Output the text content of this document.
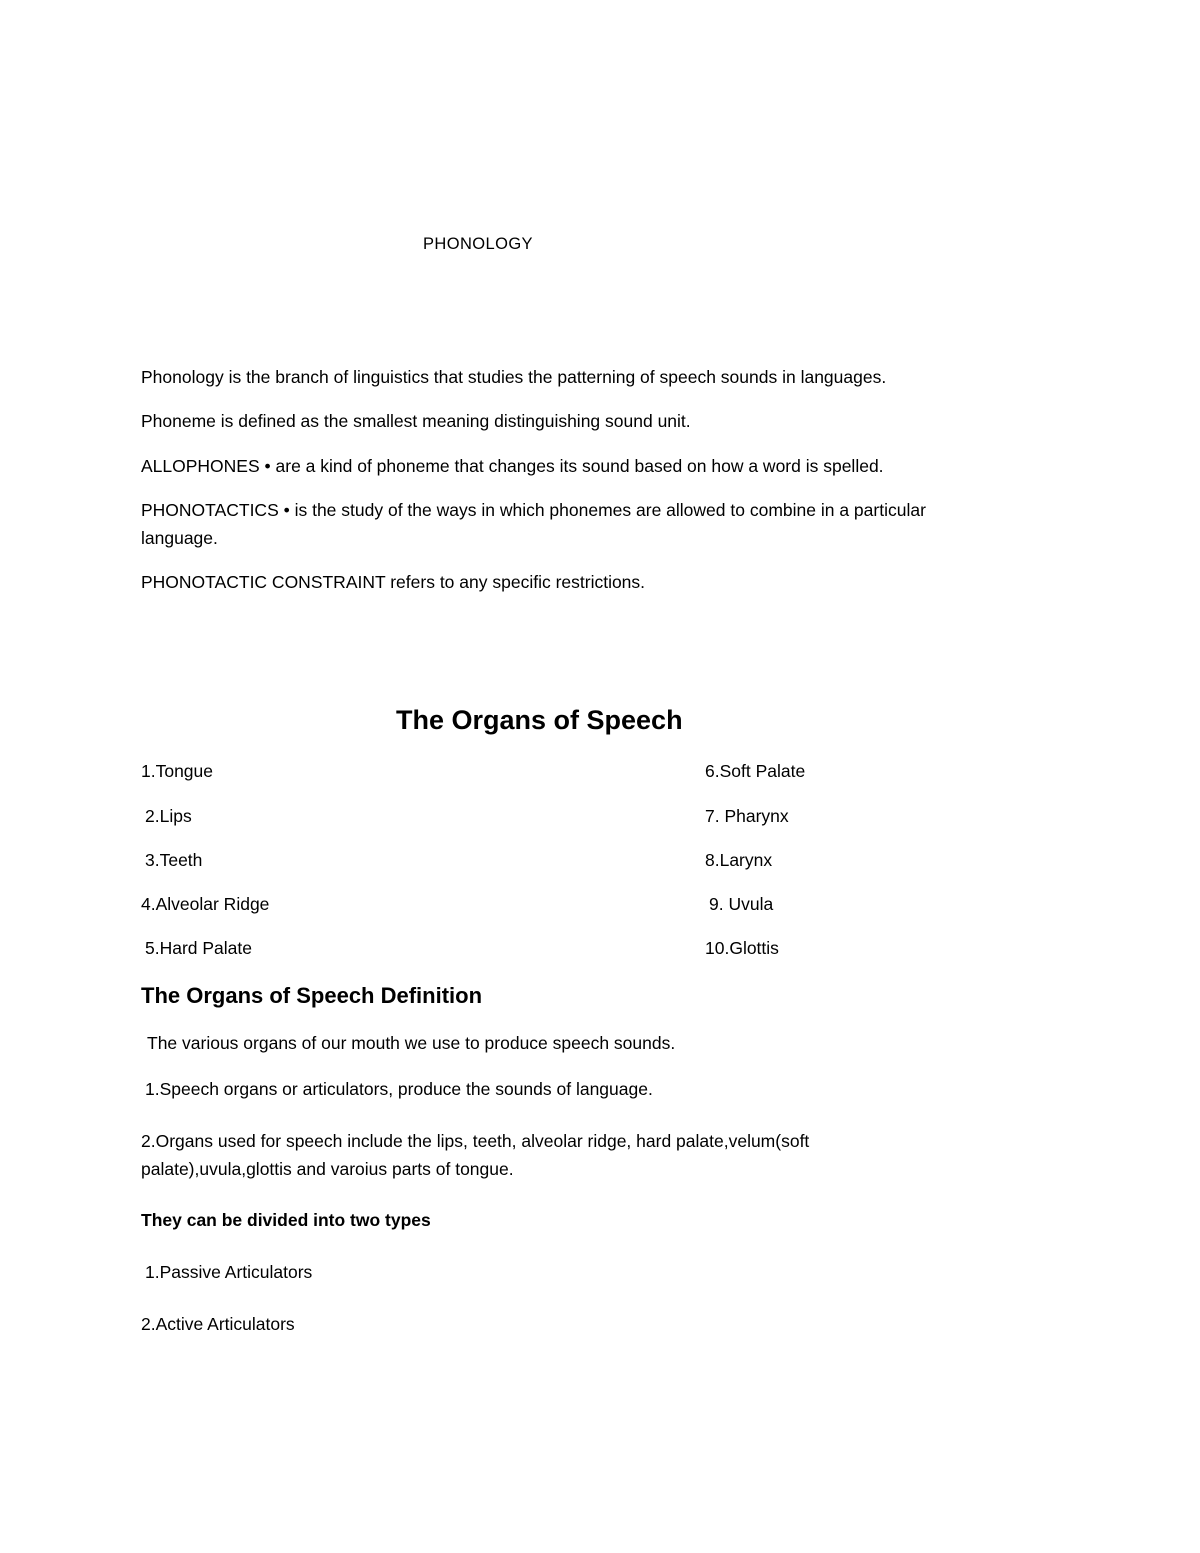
PHONOLOGY
Phonology is the branch of linguistics that studies the patterning of speech sounds in languages.
Phoneme is defined as the smallest meaning distinguishing sound unit.
ALLOPHONES • are a kind of phoneme that changes its sound based on how a word is spelled.
PHONOTACTICS • is the study of the ways in which phonemes are allowed to combine in a particular
language.
PHONOTACTIC CONSTRAINT refers to any specific restrictions.
The Organs of Speech
1.Tongue
2.Lips
3.Teeth
4.Alveolar Ridge
5.Hard Palate
6.Soft Palate
7. Pharynx
8.Larynx
9. Uvula
10.Glottis
The Organs of Speech Definition
The various organs of our mouth we use to produce speech sounds.
1.Speech organs or articulators, produce the sounds of language.
2.Organs used for speech include the lips, teeth, alveolar ridge, hard palate,velum(soft
palate),uvula,glottis and varoius parts of tongue.
They can be divided into two types
1.Passive Articulators
2.Active Articulators
